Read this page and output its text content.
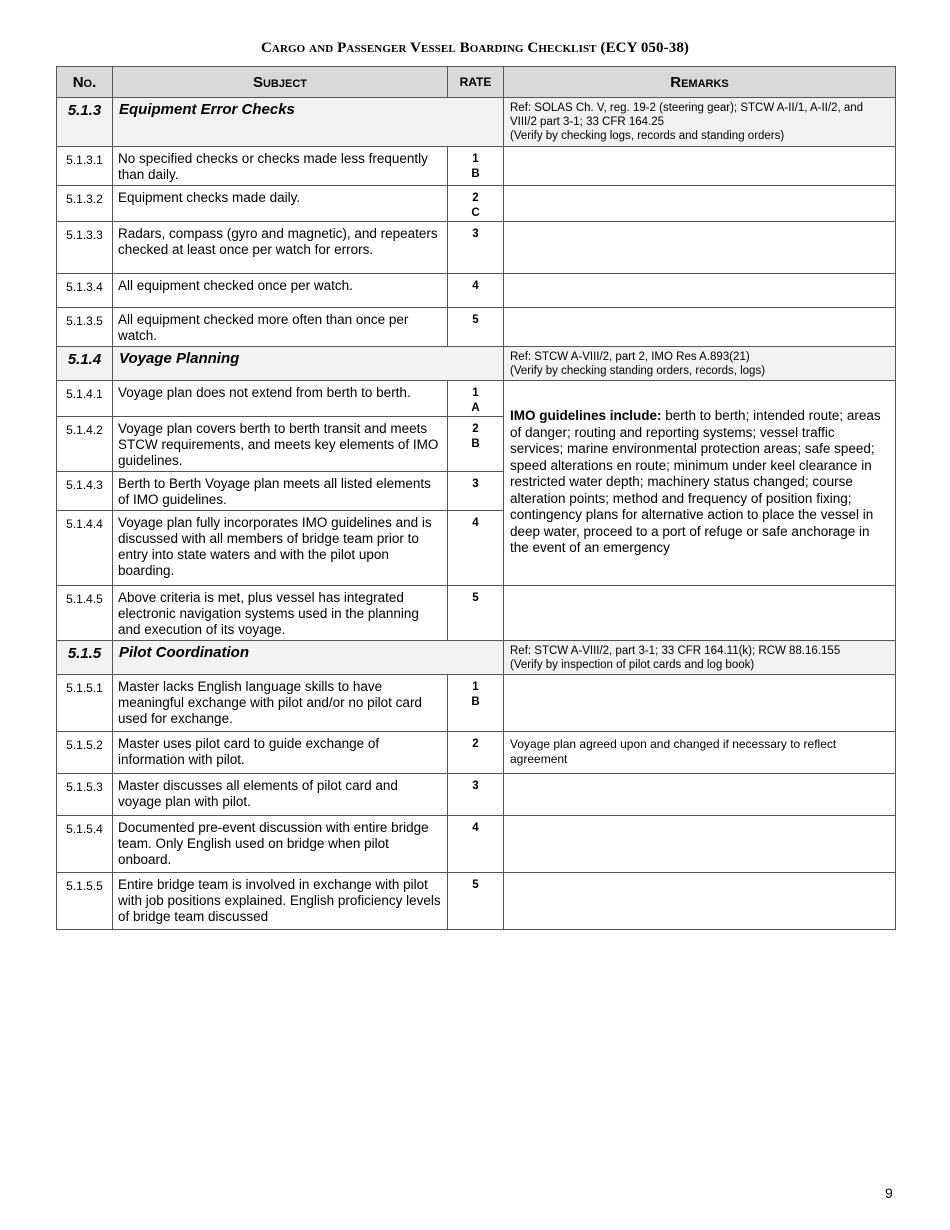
Cargo and Passenger Vessel Boarding Checklist (ECY 050-38)
No.	Subject	RATE	Remarks
5.1.3	Equipment Error Checks		Ref: SOLAS Ch. V, reg. 19-2 (steering gear); STCW A-II/1, A-II/2, and VIII/2 part 3-1; 33 CFR 164.25
(Verify by checking logs, records and standing orders)

5.1.3.1	No specified checks or checks made less frequently than daily.	1
B	

5.1.3.2	Equipment checks made daily.	2
C	

5.1.3.3	Radars, compass (gyro and magnetic), and repeaters checked at least once per watch for errors.	3	

5.1.3.4	All equipment checked once per watch.	4	

5.1.3.5	All equipment checked more often than once per watch.	5	

5.1.4	Voyage Planning		Ref: STCW A-VIII/2, part 2, IMO Res A.893(21)
(Verify by checking standing orders, records, logs)

5.1.4.1	Voyage plan does not extend from berth to berth.	1
A	IMO guidelines include: berth to berth; intended route; areas of danger; routing and reporting systems; vessel traffic services; marine environmental protection areas; safe speed; speed alterations en route; minimum under keel clearance in restricted water depth; machinery status changed; course alteration points; method and frequency of position fixing; contingency plans for alternative action to place the vessel in deep water, proceed to a port of refuge or safe anchorage in the event of an emergency
5.1.4.2	Voyage plan covers berth to berth transit and meets STCW requirements, and meets key elements of IMO guidelines.	2
B	

5.1.4.3	Berth to Berth Voyage plan meets all listed elements of IMO guidelines.	3	

5.1.4.4	Voyage plan fully incorporates IMO guidelines and is discussed with all members of bridge team prior to entry into state waters and with the pilot upon boarding.	4	

5.1.4.5	Above criteria is met, plus vessel has integrated electronic navigation systems used in the planning and execution of its voyage.	5	

5.1.5	Pilot Coordination		Ref: STCW A-VIII/2, part 3-1; 33 CFR 164.11(k); RCW 88.16.155
(Verify by inspection of pilot cards and log book)

5.1.5.1	Master lacks English language skills to have meaningful exchange with pilot and/or no pilot card used for exchange.	1
B	

5.1.5.2	Master uses pilot card to guide exchange of information with pilot.	2	Voyage plan agreed upon and changed if necessary to reflect agreement
5.1.5.3	Master discusses all elements of pilot card and voyage plan with pilot.	3	

5.1.5.4	Documented pre-event discussion with entire bridge team. Only English used on bridge when pilot onboard.	4	

5.1.5.5	Entire bridge team is involved in exchange with pilot with job positions explained. English proficiency levels of bridge team discussed	5	

9
